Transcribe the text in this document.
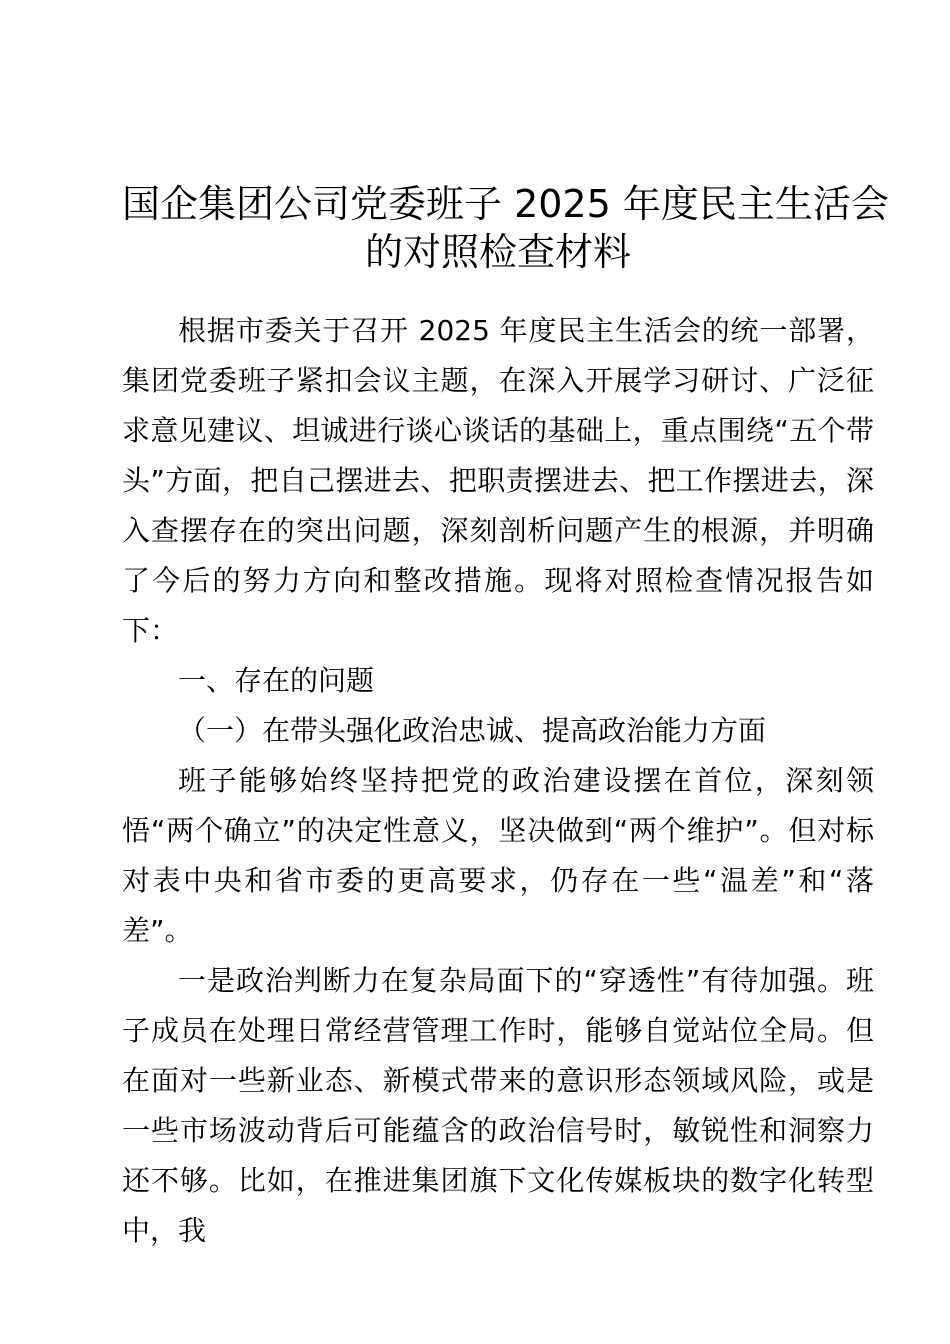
国企集团公司党委班子 2025 年度民主生活会
的对照检查材料

根据市委关于召开 2025 年度民主生活会的统一部署，集团党委班子紧扣会议主题，在深入开展学习研讨、广泛征求意见建议、坦诚进行谈心谈话的基础上，重点围绕“五个带头”方面，把自己摆进去、把职责摆进去、把工作摆进去，深入查摆存在的突出问题，深刻剖析问题产生的根源，并明确了今后的努力方向和整改措施。现将对照检查情况报告如下：

一、存在的问题

（一）在带头强化政治忠诚、提高政治能力方面

班子能够始终坚持把党的政治建设摆在首位，深刻领悟“两个确立”的决定性意义，坚决做到“两个维护”。但对标对表中央和省市委的更高要求，仍存在一些“温差”和“落差”。

一是政治判断力在复杂局面下的“穿透性”有待加强。班子成员在处理日常经营管理工作时，能够自觉站位全局。但在面对一些新业态、新模式带来的意识形态领域风险，或是一些市场波动背后可能蕴含的政治信号时，敏锐性和洞察力还不够。比如，在推进集团旗下文化传媒板块的数字化转型中，我
